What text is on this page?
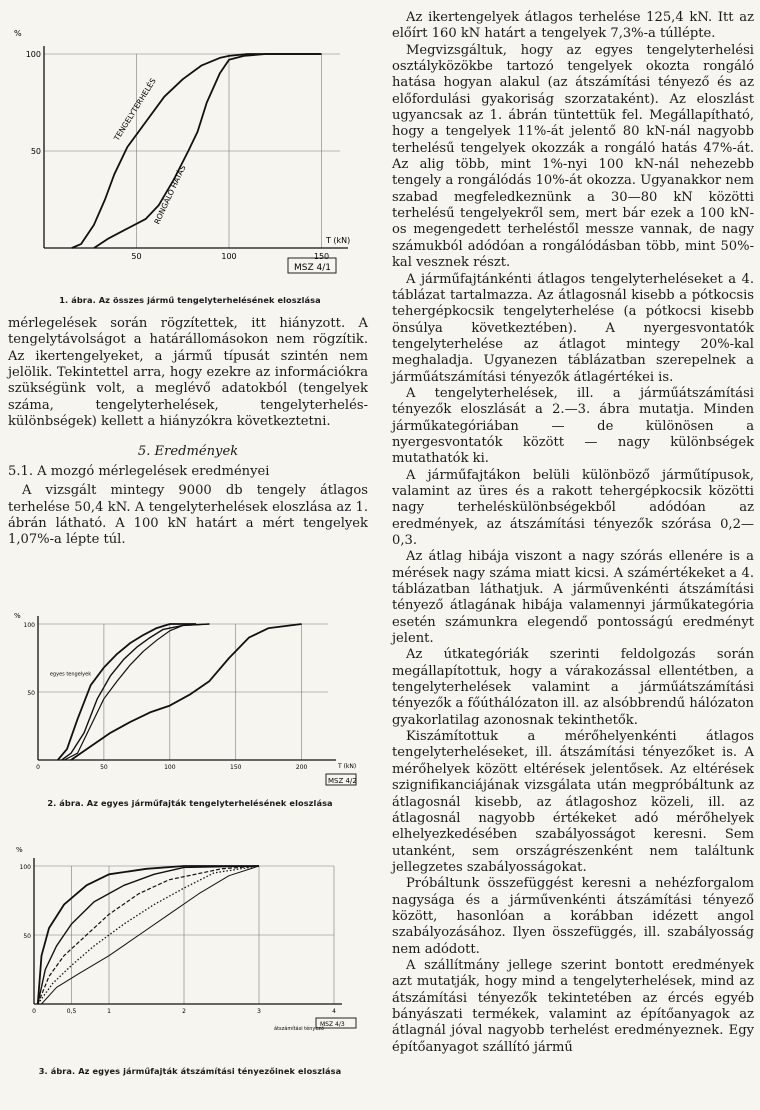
%
T (kN)
MSZ 4/1
100
50
50	100	150
TENGELYTERHELÉS
RONGÁLÓ HATÁS
1. ábra. Az összes jármű tengelyterhelésének eloszlása

mérlegelések során rögzítettek, itt hiányzott. A tengelytávolságot a határállomásokon nem rögzítik. Az ikertengelyeket, a jármű típusát szintén nem jelölik. Tekintettel arra, hogy ezekre az információkra szükségünk volt, a meglévő adatokból (tengelyek száma, tengelyterhelések, tengelyterhelés-különbségek) kellett a hiányzókra következtetni.

5. Eredmények
5.1. A mozgó mérlegelések eredményei

A vizsgált mintegy 9000 db tengely átlagos terhelése 50,4 kN. A tengelyterhelések eloszlása az 1. ábrán látható. A 100 kN határt a mért tengelyek 1,07%-a lépte túl.

%
T (kN)
MSZ 4/2
100
50
0	50	100	150	200
egyes tengelyek
2. ábra. Az egyes járműfajták tengelyterhelésének eloszlása
%
átszámítási tényező
MSZ 4/3
100
50
0	0,5	1	2	3	4
3. ábra. Az egyes járműfajták átszámítási tényezőinek eloszlása

Az ikertengelyek átlagos terhelése 125,4 kN. Itt az előírt 160 kN határt a tengelyek 7,3%-a túllépte.

Megvizsgáltuk, hogy az egyes tengelyterhelési osztályközökbe tartozó tengelyek okozta rongáló hatása hogyan alakul (az átszámítási tényező és az előfordulási gyakoriság szorzataként). Az eloszlást ugyancsak az 1. ábrán tüntettük fel. Megállapítható, hogy a tengelyek 11%-át jelentő 80 kN-nál nagyobb terhelésű tengelyek okozzák a rongáló hatás 47%-át. Az alig több, mint 1%-nyi 100 kN-nál nehezebb tengely a rongálódás 10%-át okozza. Ugyanakkor nem szabad megfeledkeznünk a 30—80 kN közötti terhelésű tengelyekről sem, mert bár ezek a 100 kN-os megengedett terheléstől messze vannak, de nagy számukból adódóan a rongálódásban több, mint 50%-kal vesznek részt.

A járműfajtánkénti átlagos tengelyterheléseket a 4. táblázat tartalmazza. Az átlagosnál kisebb a pótkocsis tehergépkocsik tengelyterhelése (a pótkocsi kisebb önsúlya következtében). A nyergesvontatók tengelyterhelése az átlagot mintegy 20%-kal meghaladja. Ugyanezen táblázatban szerepelnek a járműátszámítási tényezők átlagértékei is.

A tengelyterhelések, ill. a járműátszámítási tényezők eloszlását a 2.—3. ábra mutatja. Minden járműkategóriában — de különösen a nyergesvontatók között — nagy különbségek mutathatók ki.

A járműfajtákon belüli különböző járműtípusok, valamint az üres és a rakott tehergépkocsik közötti nagy terheléskülönbségekből adódóan az eredmények, az átszámítási tényezők szórása 0,2—0,3.

Az átlag hibája viszont a nagy szórás ellenére is a mérések nagy száma miatt kicsi. A számértékeket a 4. táblázatban láthatjuk. A járművenkénti átszámítási tényező átlagának hibája valamennyi járműkategória esetén számunkra elegendő pontosságú eredményt jelent.

Az útkategóriák szerinti feldolgozás során megállapítottuk, hogy a várakozással ellentétben, a tengelyterhelések valamint a járműátszámítási tényezők a főúthálózaton ill. az alsóbbrendű hálózaton gyakorlatilag azonosnak tekinthetők.

Kiszámítottuk a mérőhelyenkénti átlagos tengelyterheléseket, ill. átszámítási tényezőket is. A mérőhelyek között eltérések jelentősek. Az eltérések szignifikanciájának vizsgálata után megpróbáltunk az átlagosnál kisebb, az átlagoshoz közeli, ill. az átlagosnál nagyobb értékeket adó mérőhelyek elhelyezkedésében szabályosságot keresni. Sem utanként, sem országrészenként nem találtunk jellegzetes szabályosságokat.

Próbáltunk összefüggést keresni a nehézforgalom nagysága és a járművenkénti átszámítási tényező között, hasonlóan a korábban idézett angol szabályozásához. Ilyen összefüggés, ill. szabályosság nem adódott.

A szállítmány jellege szerint bontott eredmények azt mutatják, hogy mind a tengelyterhelések, mind az átszámítási tényezők tekintetében az ércés egyéb bányászati termékek, valamint az építőanyagok az átlagnál jóval nagyobb terhelést eredményeznek. Egy építőanyagot szállító jármű
